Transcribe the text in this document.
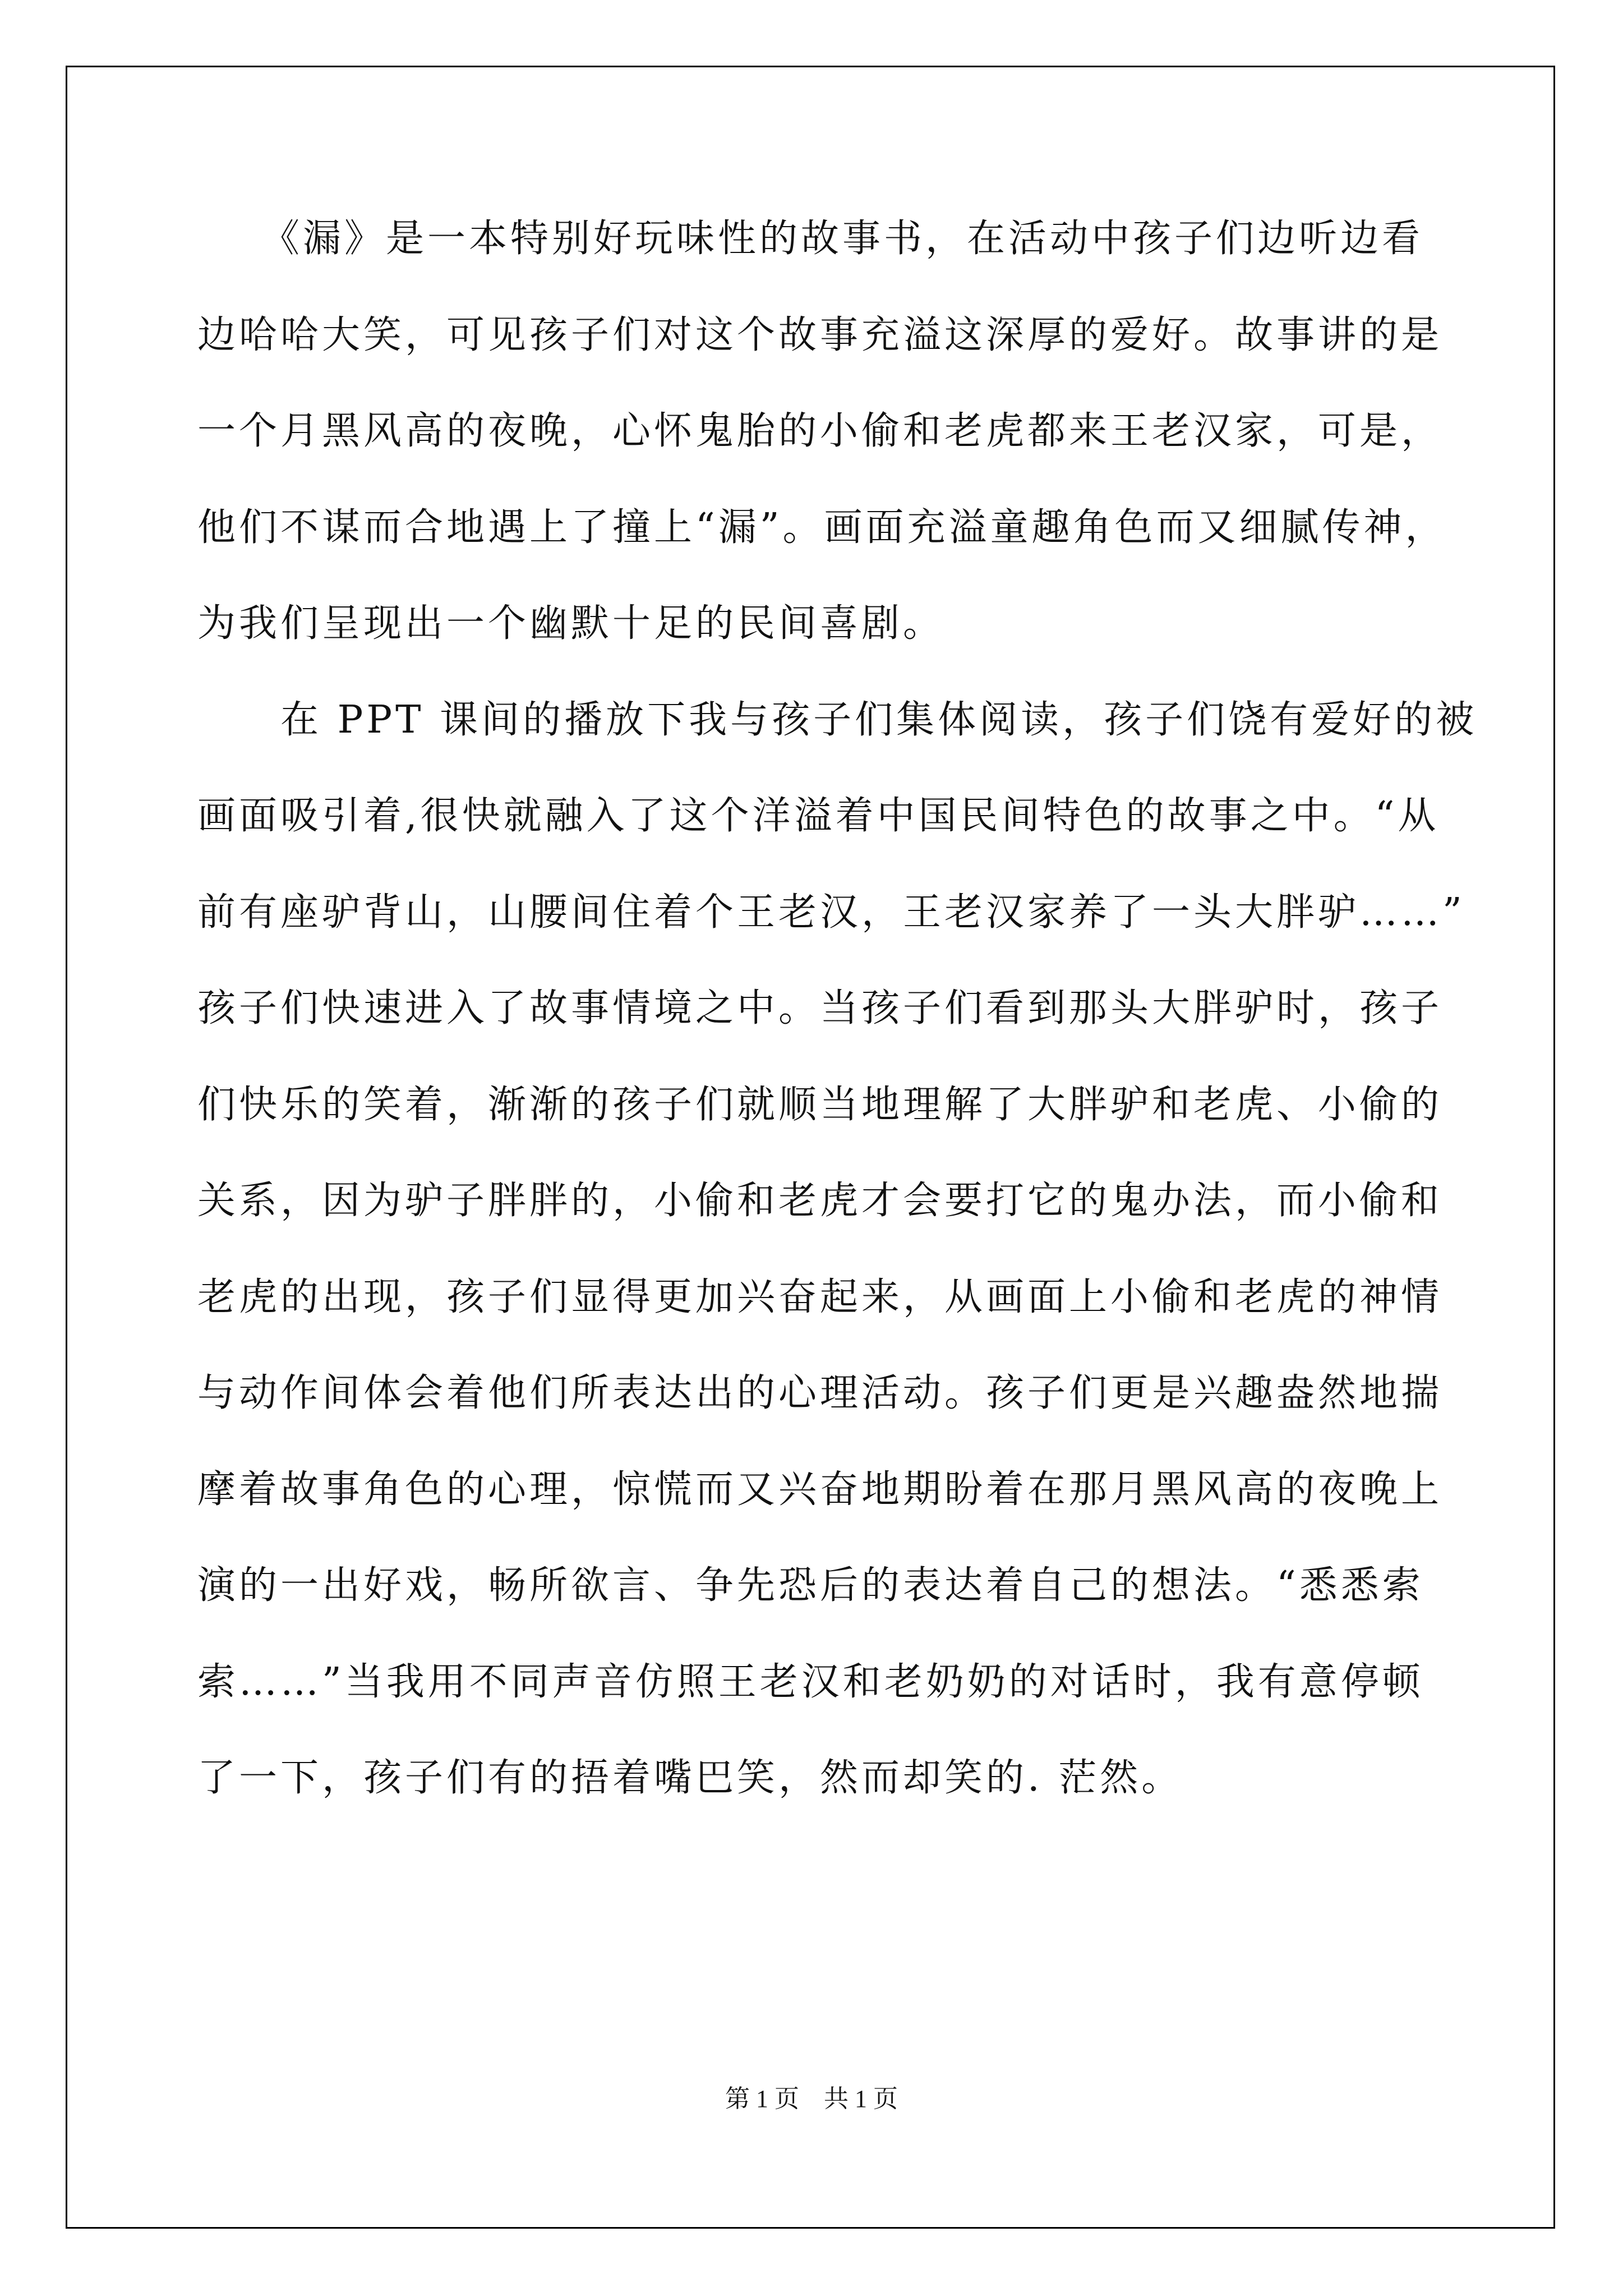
　　《漏》是一本特别好玩味性的故事书，在活动中孩子们边听边看
边哈哈大笑，可见孩子们对这个故事充溢这深厚的爱好。故事讲的是
一个月黑风高的夜晚，心怀鬼胎的小偷和老虎都来王老汉家，可是，
他们不谋而合地遇上了撞上“漏”。画面充溢童趣角色而又细腻传神，
为我们呈现出一个幽默十足的民间喜剧。
　　在 PPT 课间的播放下我与孩子们集体阅读，孩子们饶有爱好的被
画面吸引着,很快就融入了这个洋溢着中国民间特色的故事之中。“从
前有座驴背山，山腰间住着个王老汉，王老汉家养了一头大胖驴……”
孩子们快速进入了故事情境之中。当孩子们看到那头大胖驴时，孩子
们快乐的笑着，渐渐的孩子们就顺当地理解了大胖驴和老虎、小偷的
关系，因为驴子胖胖的，小偷和老虎才会要打它的鬼办法，而小偷和
老虎的出现，孩子们显得更加兴奋起来，从画面上小偷和老虎的神情
与动作间体会着他们所表达出的心理活动。孩子们更是兴趣盎然地揣
摩着故事角色的心理，惊慌而又兴奋地期盼着在那月黑风高的夜晚上
演的一出好戏，畅所欲言、争先恐后的表达着自己的想法。“悉悉索
索……”当我用不同声音仿照王老汉和老奶奶的对话时，我有意停顿
了一下，孩子们有的捂着嘴巴笑，然而却笑的. 茫然。
第 1 页　共 1 页
